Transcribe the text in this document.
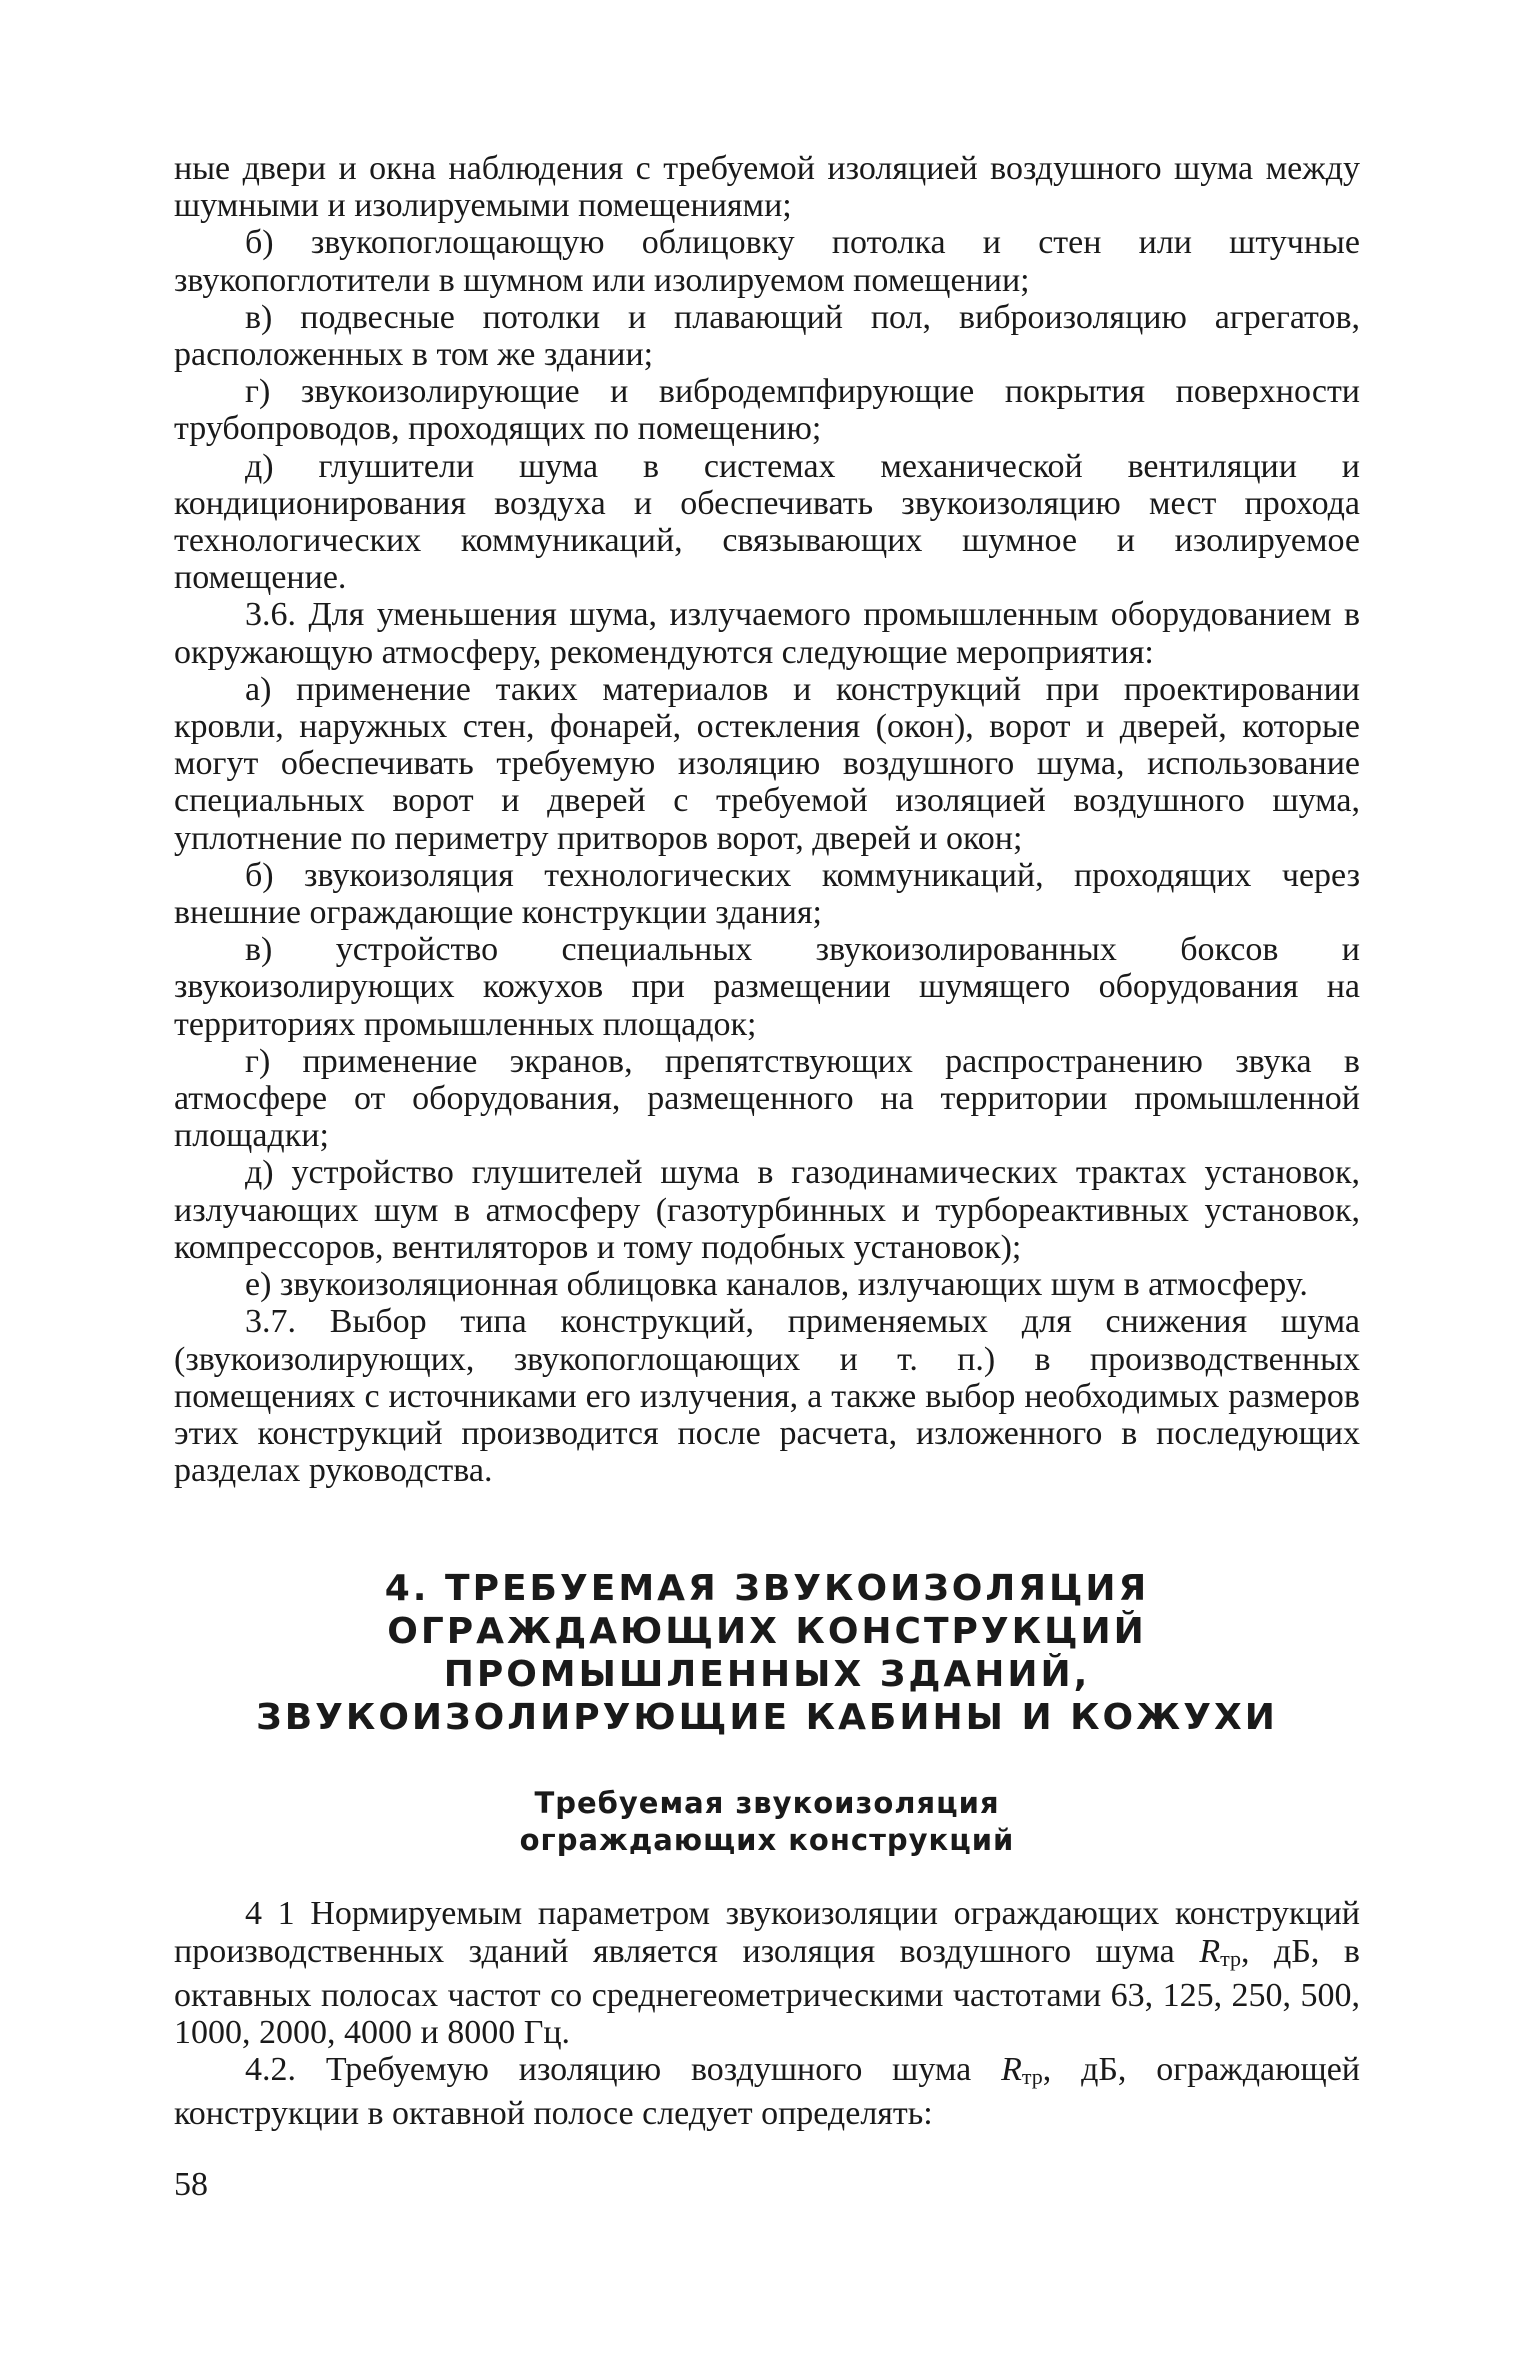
ные двери и окна наблюдения с требуемой изоляцией воздушного шума между шумными и изолируемыми помещениями;

б) звукопоглощающую облицовку потолка и стен или штучные звукопоглотители в шумном или изолируемом помещении;

в) подвесные потолки и плавающий пол, виброизоляцию агрегатов, расположенных в том же здании;

г) звукоизолирующие и вибродемпфирующие покрытия поверхности трубопроводов, проходящих по помещению;

д) глушители шума в системах механической вентиляции и кондиционирования воздуха и обеспечивать звукоизоляцию мест прохода технологических коммуникаций, связывающих шумное и изолируемое помещение.

3.6. Для уменьшения шума, излучаемого промышленным оборудованием в окружающую атмосферу, рекомендуются следующие мероприятия:

а) применение таких материалов и конструкций при проектировании кровли, наружных стен, фонарей, остекления (окон), ворот и дверей, которые могут обеспечивать требуемую изоляцию воздушного шума, использование специальных ворот и дверей с требуемой изоляцией воздушного шума, уплотнение по периметру притворов ворот, дверей и окон;

б) звукоизоляция технологических коммуникаций, проходящих через внешние ограждающие конструкции здания;

в) устройство специальных звукоизолированных боксов и звукоизолирующих кожухов при размещении шумящего оборудования на территориях промышленных площадок;

г) применение экранов, препятствующих распространению звука в атмосфере от оборудования, размещенного на территории промышленной площадки;

д) устройство глушителей шума в газодинамических трактах установок, излучающих шум в атмосферу (газотурбинных и турбореактивных установок, компрессоров, вентиляторов и тому подобных установок);

е) звукоизоляционная облицовка каналов, излучающих шум в атмосферу.

3.7. Выбор типа конструкций, применяемых для снижения шума (звукоизолирующих, звукопоглощающих и т. п.) в производственных помещениях с источниками его излучения, а также выбор необходимых размеров этих конструкций производится после расчета, изложенного в последующих разделах руководства.

4. ТРЕБУЕМАЯ ЗВУКОИЗОЛЯЦИЯ ОГРАЖДАЮЩИХ КОНСТРУКЦИЙ ПРОМЫШЛЕННЫХ ЗДАНИЙ, ЗВУКОИЗОЛИРУЮЩИЕ КАБИНЫ И КОЖУХИ
Требуемая звукоизоляция ограждающих конструкций

4 1 Нормируемым параметром звукоизоляции ограждающих конструкций производственных зданий является изоляция воздушного шума Rтр, дБ, в октавных полосах частот со среднегеометрическими частотами 63, 125, 250, 500, 1000, 2000, 4000 и 8000 Гц.

4.2. Требуемую изоляцию воздушного шума Rтр, дБ, ограждающей конструкции в октавной полосе следует определять:

58
